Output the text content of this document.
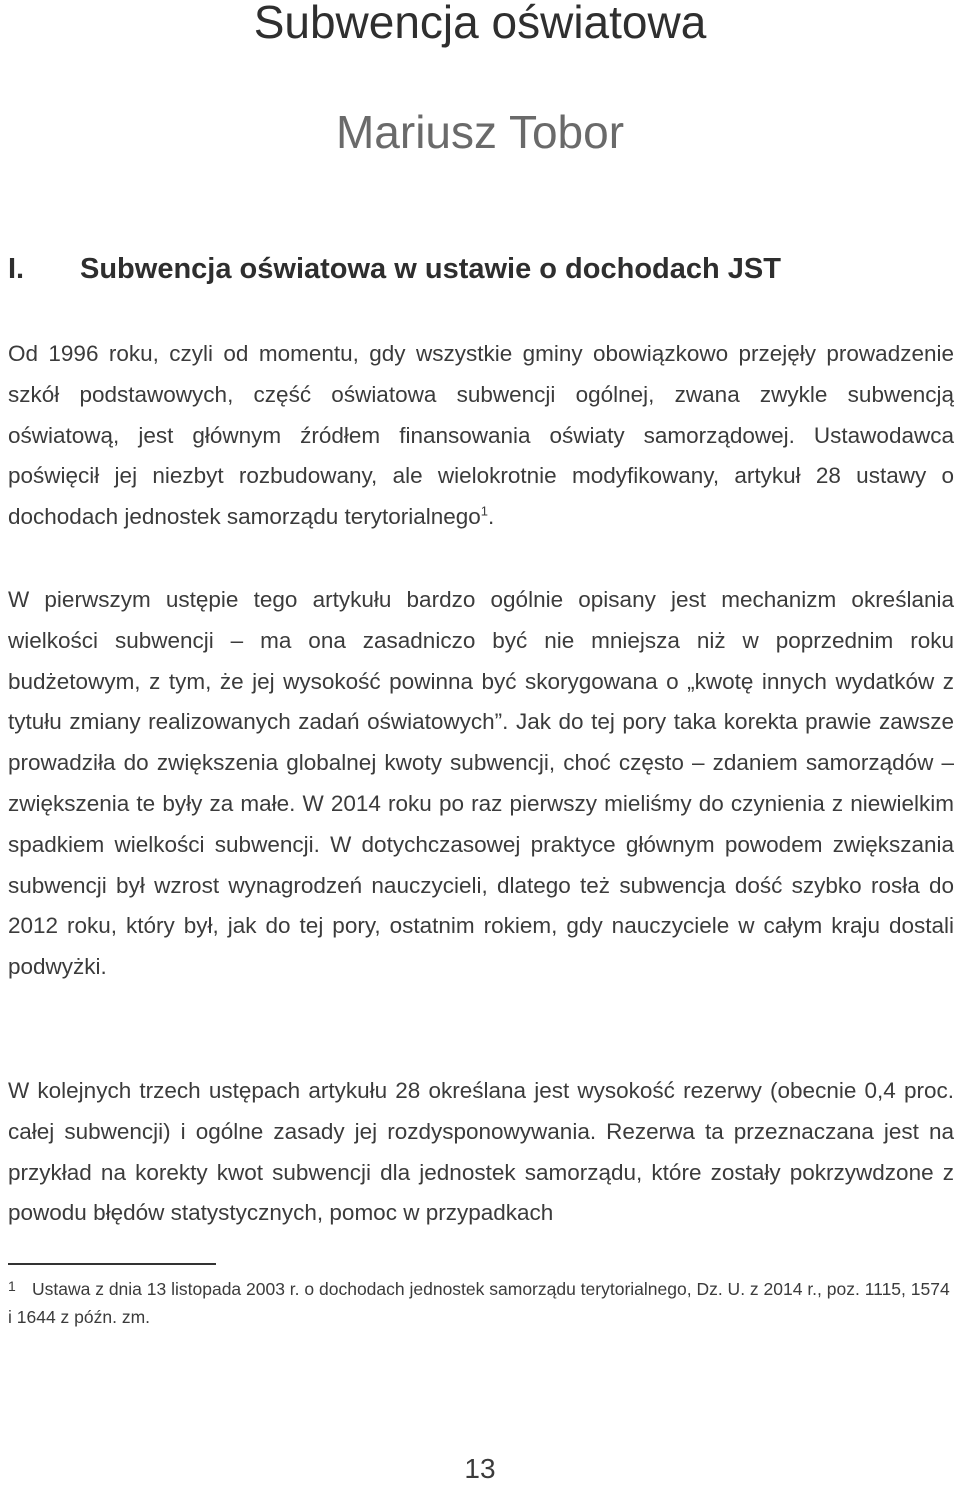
Subwencja oświatowa
Mariusz Tobor
I. Subwencja oświatowa w ustawie o dochodach JST

Od 1996 roku, czyli od momentu, gdy wszystkie gminy obowiązkowo przejęły prowadzenie szkół podstawowych, część oświatowa subwencji ogólnej, zwana zwykle subwencją oświatową, jest głównym źródłem finansowania oświaty samorządowej. Ustawodawca poświęcił jej niezbyt rozbudowany, ale wielokrotnie modyfikowany, artykuł 28 ustawy o dochodach jednostek samorządu terytorialnego$^1$.

W pierwszym ustępie tego artykułu bardzo ogólnie opisany jest mechanizm określania wielkości subwencji – ma ona zasadniczo być nie mniejsza niż w poprzednim roku budżetowym, z tym, że jej wysokość powinna być skorygowana o „kwotę innych wydatków z tytułu zmiany realizowanych zadań oświatowych”. Jak do tej pory taka korekta prawie zawsze prowadziła do zwiększenia globalnej kwoty subwencji, choć często – zdaniem samorządów – zwiększenia te były za małe. W 2014 roku po raz pierwszy mieliśmy do czynienia z niewielkim spadkiem wielkości subwencji. W dotychczasowej praktyce głównym powodem zwiększania subwencji był wzrost wynagrodzeń nauczycieli, dlatego też subwencja dość szybko rosła do 2012 roku, który był, jak do tej pory, ostatnim rokiem, gdy nauczyciele w całym kraju dostali podwyżki.

W kolejnych trzech ustępach artykułu 28 określana jest wysokość rezerwy (obecnie 0,4 proc. całej subwencji) i ogólne zasady jej rozdysponowywania. Rezerwa ta przeznaczana jest na przykład na korekty kwot subwencji dla jednostek samorządu, które zostały pokrzywdzone z powodu błędów statystycznych, pomoc w przypadkach

1 Ustawa z dnia 13 listopada 2003 r. o dochodach jednostek samorządu terytorialnego, Dz. U. z 2014 r., poz. 1115, 1574 i 1644 z późn. zm.

13
